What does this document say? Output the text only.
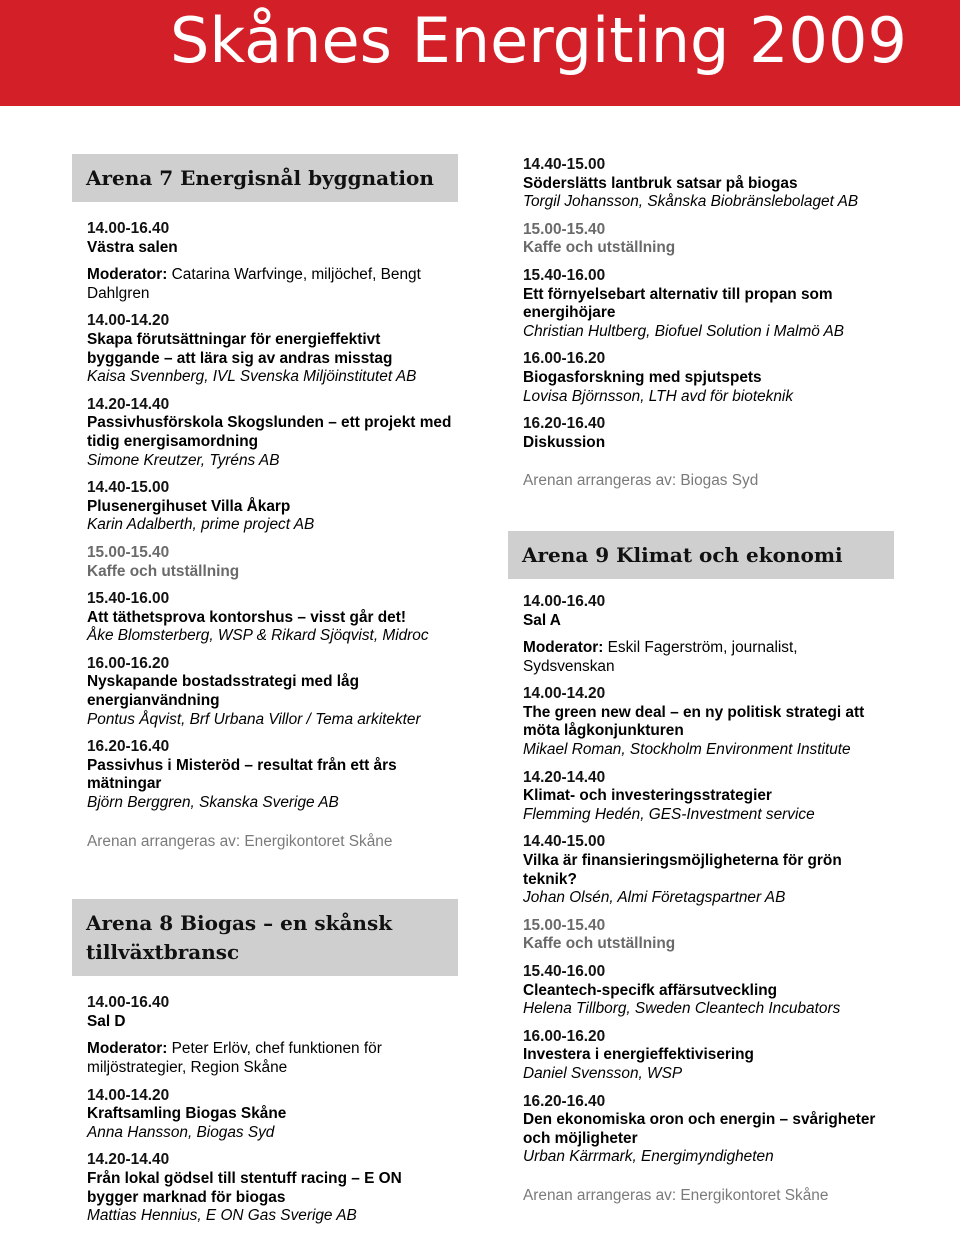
Skånes Energiting 2009
Arena 7 Energisnål byggnation
14.00-16.40
Västra salen
Moderator: Catarina Warfvinge, miljöchef, Bengt Dahlgren
14.00-14.20
Skapa förutsättningar för energieffektivt byggande – att lära sig av andras misstag
Kaisa Svennberg, IVL Svenska Miljöinstitutet AB
14.20-14.40
Passivhusförskola Skogslunden – ett projekt med tidig energisamordning
Simone Kreutzer, Tyréns AB
14.40-15.00
Plusenergihuset Villa Åkarp
Karin Adalberth, prime project AB
15.00-15.40
Kaffe och utställning
15.40-16.00
Att täthetsprova kontorshus – visst går det!
Åke Blomsterberg, WSP & Rikard Sjöqvist, Midroc
16.00-16.20
Nyskapande bostadsstrategi med låg energianvändning
Pontus Åqvist, Brf Urbana Villor / Tema arkitekter
16.20-16.40
Passivhus i Misteröd – resultat från ett års mätningar
Björn Berggren, Skanska Sverige AB
Arenan arrangeras av: Energikontoret Skåne
Arena 8 Biogas – en skånsk tillväxtbransc
14.00-16.40
Sal D
Moderator: Peter Erlöv, chef funktionen för miljöstrategier, Region Skåne
14.00-14.20
Kraftsamling Biogas Skåne
Anna Hansson, Biogas Syd
14.20-14.40
Från lokal gödsel till stentuff racing – E ON bygger marknad för biogas
Mattias Hennius, E ON Gas Sverige AB
14.40-15.00
Söderslätts lantbruk satsar på biogas
Torgil Johansson, Skånska Biobränslebolaget AB
15.00-15.40
Kaffe och utställning
15.40-16.00
Ett förnyelsebart alternativ till propan som energihöjare
Christian Hultberg, Biofuel Solution i Malmö AB
16.00-16.20
Biogasforskning med spjutspets
Lovisa Björnsson, LTH avd för bioteknik
16.20-16.40
Diskussion
Arenan arrangeras av: Biogas Syd
Arena 9 Klimat och ekonomi
14.00-16.40
Sal A
Moderator: Eskil Fagerström, journalist, Sydsvenskan
14.00-14.20
The green new deal – en ny politisk strategi att möta lågkonjunkturen
Mikael Roman, Stockholm Environment Institute
14.20-14.40
Klimat- och investeringsstrategier
Flemming Hedén, GES-Investment service
14.40-15.00
Vilka är finansieringsmöjligheterna för grön teknik?
Johan Olsén, Almi Företagspartner AB
15.00-15.40
Kaffe och utställning
15.40-16.00
Cleantech-specifk affärsutveckling
Helena Tillborg, Sweden Cleantech Incubators
16.00-16.20
Investera i energieffektivisering
Daniel Svensson, WSP
16.20-16.40
Den ekonomiska oron och energin – svårigheter och möjligheter
Urban Kärrmark, Energimyndigheten
Arenan arrangeras av: Energikontoret Skåne
